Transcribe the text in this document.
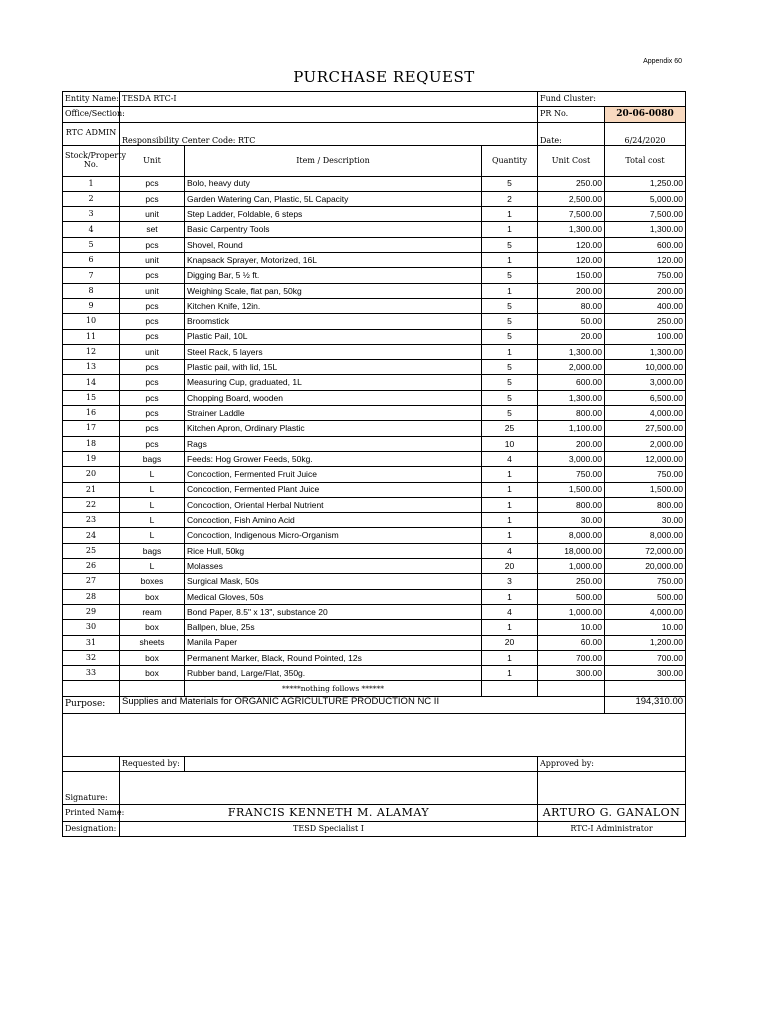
Appendix 60
PURCHASE REQUEST
Entity Name:	TESDA RTC-I			Fund Cluster:	
Office/Section:				PR No.	20-06-0080
RTC ADMIN	Responsibility Center Code: RTC			Date:	6/24/2020
Stock/Property No.	Unit	Item / Description	Quantity	Unit Cost	Total cost
1	pcs	Bolo, heavy duty	5	250.00	1,250.00
2	pcs	Garden Watering Can, Plastic, 5L Capacity	2	2,500.00	5,000.00
3	unit	Step Ladder, Foldable, 6 steps	1	7,500.00	7,500.00
4	set	Basic Carpentry Tools	1	1,300.00	1,300.00
5	pcs	Shovel, Round	5	120.00	600.00
6	unit	Knapsack Sprayer, Motorized, 16L	1	120.00	120.00
7	pcs	Digging Bar, 5 ½ ft.	5	150.00	750.00
8	unit	Weighing Scale, flat pan, 50kg	1	200.00	200.00
9	pcs	Kitchen Knife, 12in.	5	80.00	400.00
10	pcs	Broomstick	5	50.00	250.00
11	pcs	Plastic Pail, 10L	5	20.00	100.00
12	unit	Steel Rack, 5 layers	1	1,300.00	1,300.00
13	pcs	Plastic pail, with lid, 15L	5	2,000.00	10,000.00
14	pcs	Measuring Cup, graduated, 1L	5	600.00	3,000.00
15	pcs	Chopping Board, wooden	5	1,300.00	6,500.00
16	pcs	Strainer Laddle	5	800.00	4,000.00
17	pcs	Kitchen Apron, Ordinary Plastic	25	1,100.00	27,500.00
18	pcs	Rags	10	200.00	2,000.00
19	bags	Feeds: Hog Grower Feeds, 50kg.	4	3,000.00	12,000.00
20	L	Concoction, Fermented Fruit Juice	1	750.00	750.00
21	L	Concoction, Fermented Plant Juice	1	1,500.00	1,500.00
22	L	Concoction, Oriental Herbal Nutrient	1	800.00	800.00
23	L	Concoction, Fish Amino Acid	1	30.00	30.00
24	L	Concoction, Indigenous Micro-Organism	1	8,000.00	8,000.00
25	bags	Rice Hull, 50kg	4	18,000.00	72,000.00
26	L	Molasses	20	1,000.00	20,000.00
27	boxes	Surgical Mask, 50s	3	250.00	750.00
28	box	Medical Gloves, 50s	1	500.00	500.00
29	ream	Bond Paper, 8.5" x 13", substance 20	4	1,000.00	4,000.00
30	box	Ballpen, blue, 25s	1	10.00	10.00
31	sheets	Manila Paper	20	60.00	1,200.00
32	box	Permanent Marker, Black, Round Pointed, 12s	1	700.00	700.00
33	box	Rubber band, Large/Flat, 350g.	1	300.00	300.00
		*****nothing follows ******			
Purpose:	Supplies and Materials for ORGANIC AGRICULTURE PRODUCTION NC II				194,310.00

	Requested by:			Approved by:	
Signature:					
Printed Name:	FRANCIS KENNETH M. ALAMAY			ARTURO G. GANALON	
Designation:	TESD Specialist I			RTC-I Administrator	
